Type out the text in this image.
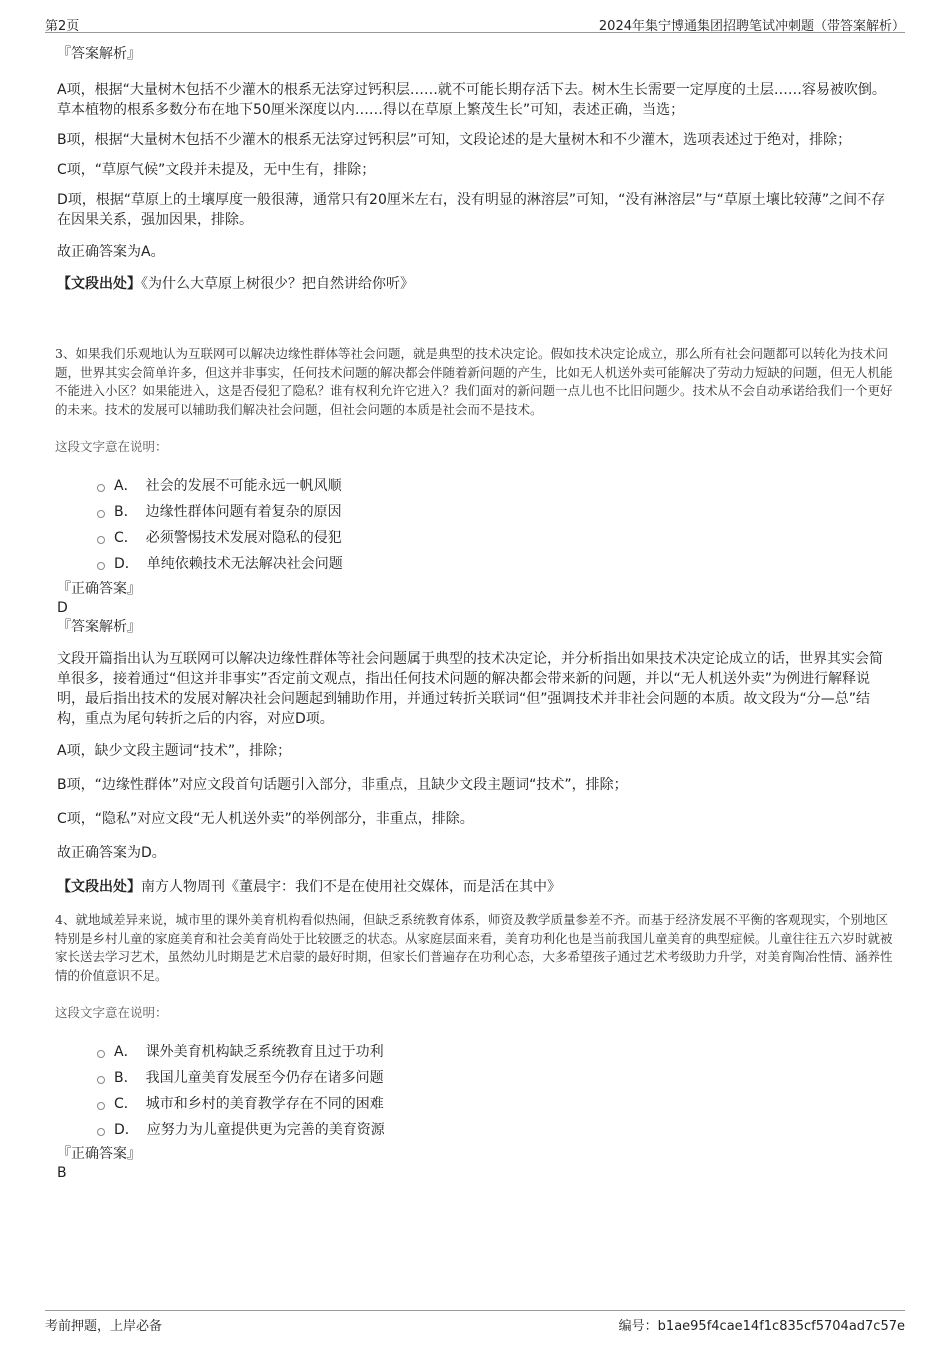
第2页	2024年集宁博通集团招聘笔试冲刺题（带答案解析）
『答案解析』

A项，根据“大量树木包括不少灌木的根系无法穿过钙积层……就不可能长期存活下去。树木生长需要一定厚度的土层……容易被吹倒。草本植物的根系多数分布在地下50厘米深度以内……得以在草原上繁茂生长”可知，表述正确，当选；

B项，根据“大量树木包括不少灌木的根系无法穿过钙积层”可知，文段论述的是大量树木和不少灌木，选项表述过于绝对，排除；

C项，“草原气候”文段并未提及，无中生有，排除；

D项，根据“草原上的土壤厚度一般很薄，通常只有20厘米左右，没有明显的淋溶层”可知，“没有淋溶层”与“草原土壤比较薄”之间不存在因果关系，强加因果，排除。

故正确答案为A。

【文段出处】《为什么大草原上树很少？把自然讲给你听》

3、如果我们乐观地认为互联网可以解决边缘性群体等社会问题，就是典型的技术决定论。假如技术决定论成立，那么所有社会问题都可以转化为技术问题，世界其实会简单许多，但这并非事实，任何技术问题的解决都会伴随着新问题的产生，比如无人机送外卖可能解决了劳动力短缺的问题，但无人机能不能进入小区？如果能进入，这是否侵犯了隐私？谁有权利允许它进入？我们面对的新问题一点儿也不比旧问题少。技术从不会自动承诺给我们一个更好的未来。技术的发展可以辅助我们解决社会问题，但社会问题的本质是社会而不是技术。

这段文字意在说明：
A． 社会的发展不可能永远一帆风顺
B． 边缘性群体问题有着复杂的原因
C． 必须警惕技术发展对隐私的侵犯
D． 单纯依赖技术无法解决社会问题
『正确答案』
D
『答案解析』

文段开篇指出认为互联网可以解决边缘性群体等社会问题属于典型的技术决定论，并分析指出如果技术决定论成立的话，世界其实会简单很多，接着通过“但这并非事实”否定前文观点，指出任何技术问题的解决都会带来新的问题，并以“无人机送外卖”为例进行解释说明，最后指出技术的发展对解决社会问题起到辅助作用，并通过转折关联词“但”强调技术并非社会问题的本质。故文段为“分—总”结构，重点为尾句转折之后的内容，对应D项。

A项，缺少文段主题词“技术”，排除；

B项，“边缘性群体”对应文段首句话题引入部分，非重点，且缺少文段主题词“技术”，排除；

C项，“隐私”对应文段“无人机送外卖”的举例部分，非重点，排除。

故正确答案为D。

【文段出处】南方人物周刊《董晨宇：我们不是在使用社交媒体，而是活在其中》

4、就地域差异来说，城市里的课外美育机构看似热闹，但缺乏系统教育体系，师资及教学质量参差不齐。而基于经济发展不平衡的客观现实，个别地区特别是乡村儿童的家庭美育和社会美育尚处于比较匮乏的状态。从家庭层面来看，美育功利化也是当前我国儿童美育的典型症候。儿童往往五六岁时就被家长送去学习艺术，虽然幼儿时期是艺术启蒙的最好时期，但家长们普遍存在功利心态，大多希望孩子通过艺术考级助力升学，对美育陶冶性情、涵养性情的价值意识不足。

这段文字意在说明：
A． 课外美育机构缺乏系统教育且过于功利
B． 我国儿童美育发展至今仍存在诸多问题
C． 城市和乡村的美育教学存在不同的困难
D． 应努力为儿童提供更为完善的美育资源
『正确答案』
B
考前押题，上岸必备	编号：b1ae95f4cae14f1c835cf5704ad7c57e
